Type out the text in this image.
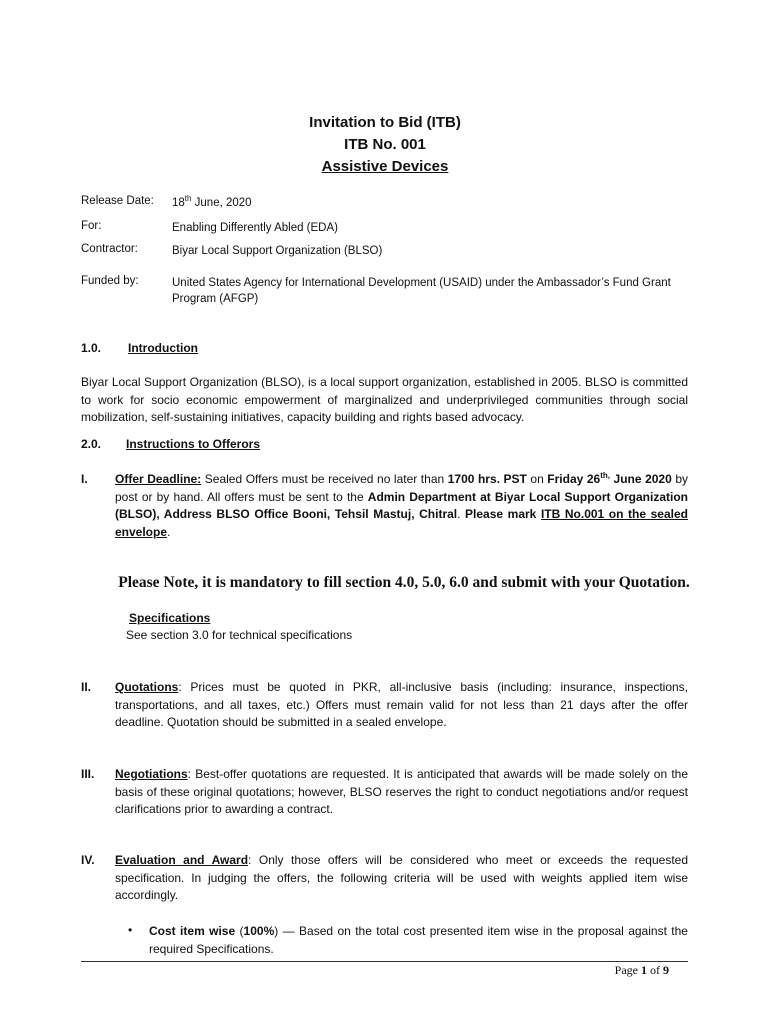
Invitation to Bid (ITB)
ITB No. 001
Assistive Devices
Release Date: 18th June, 2020
For:	Enabling Differently Abled (EDA)
Contractor:	Biyar Local Support Organization (BLSO)
Funded by:	United States Agency for International Development (USAID) under the Ambassador’s Fund Grant Program (AFGP)
1.0. Introduction
Biyar Local Support Organization (BLSO), is a local support organization, established in 2005. BLSO is committed to work for socio economic empowerment of marginalized and underprivileged communities through social mobilization, self-sustaining initiatives, capacity building and rights based advocacy.
2.0. Instructions to Offerors
I. Offer Deadline: Sealed Offers must be received no later than 1700 hrs. PST on Friday $26^{th,}$ June 2020 by post or by hand. All offers must be sent to the Admin Department at Biyar Local Support Organization (BLSO), Address BLSO Office Booni, Tehsil Mastuj, Chitral. Please mark ITB No.001 on the sealed envelope.
Please Note, it is mandatory to fill section 4.0, 5.0, 6.0 and submit with your Quotation.
Specifications
See section 3.0 for technical specifications
II. Quotations: Prices must be quoted in PKR, all-inclusive basis (including: insurance, inspections, transportations, and all taxes, etc.) Offers must remain valid for not less than 21 days after the offer deadline. Quotation should be submitted in a sealed envelope.
III. Negotiations: Best-offer quotations are requested. It is anticipated that awards will be made solely on the basis of these original quotations; however, BLSO reserves the right to conduct negotiations and/or request clarifications prior to awarding a contract.
IV. Evaluation and Award: Only those offers will be considered who meet or exceeds the requested specification. In judging the offers, the following criteria will be used with weights applied item wise accordingly.
• Cost item wise (100%) — Based on the total cost presented item wise in the proposal against the required Specifications.
Page 1 of 9
